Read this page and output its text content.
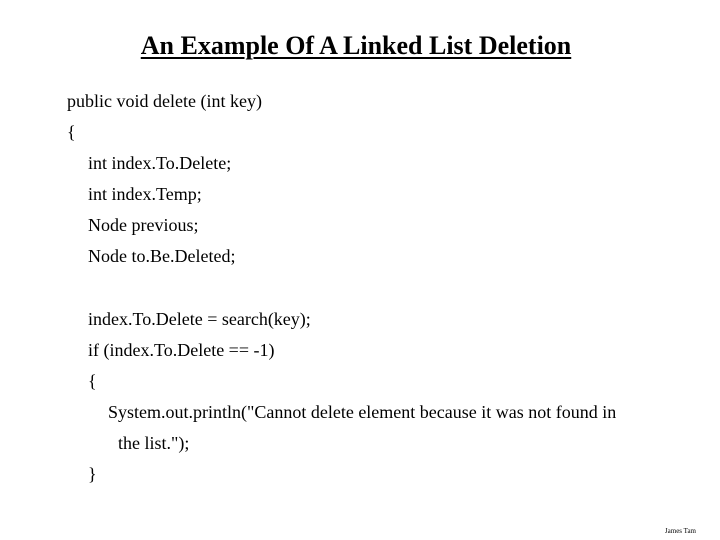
An Example Of A Linked List Deletion
public void delete (int key)
{
int index.To.Delete;
int index.Temp;
Node previous;
Node to.Be.Deleted;
index.To.Delete = search(key);
if (index.To.Delete == -1)
{
System.out.println("Cannot delete element because it was not found in
the list.");
}
James Tam
